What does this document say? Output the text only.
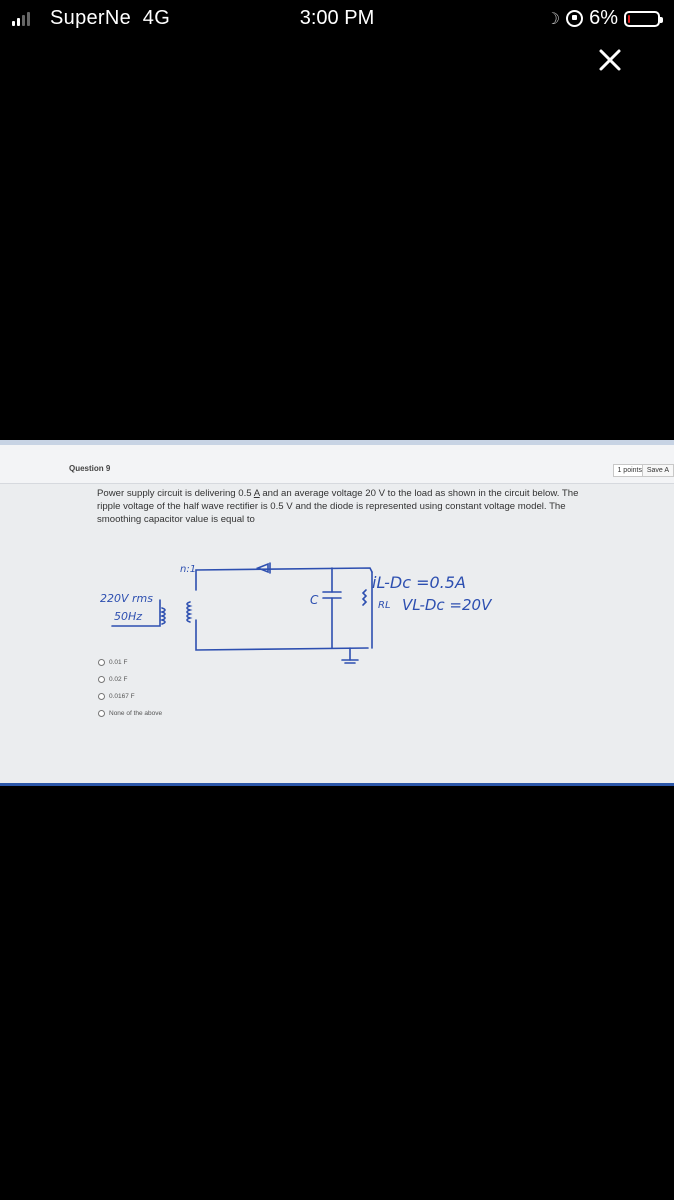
SuperNe 4G	3:00 PM	☽ 6%
Question 9	1 points Save A
Power supply circuit is delivering 0.5 A and an average voltage 20 V to the load as shown in the circuit below. The ripple voltage of the half wave rectifier is 0.5 V and the diode is represented using constant voltage model. The smoothing capacitor value is equal to
n:1
220V rms
50Hz
C	RL
iL-Dc =0.5A
VL-Dc =20V
0.01 F
0.02 F
0.0167 F
None of the above
